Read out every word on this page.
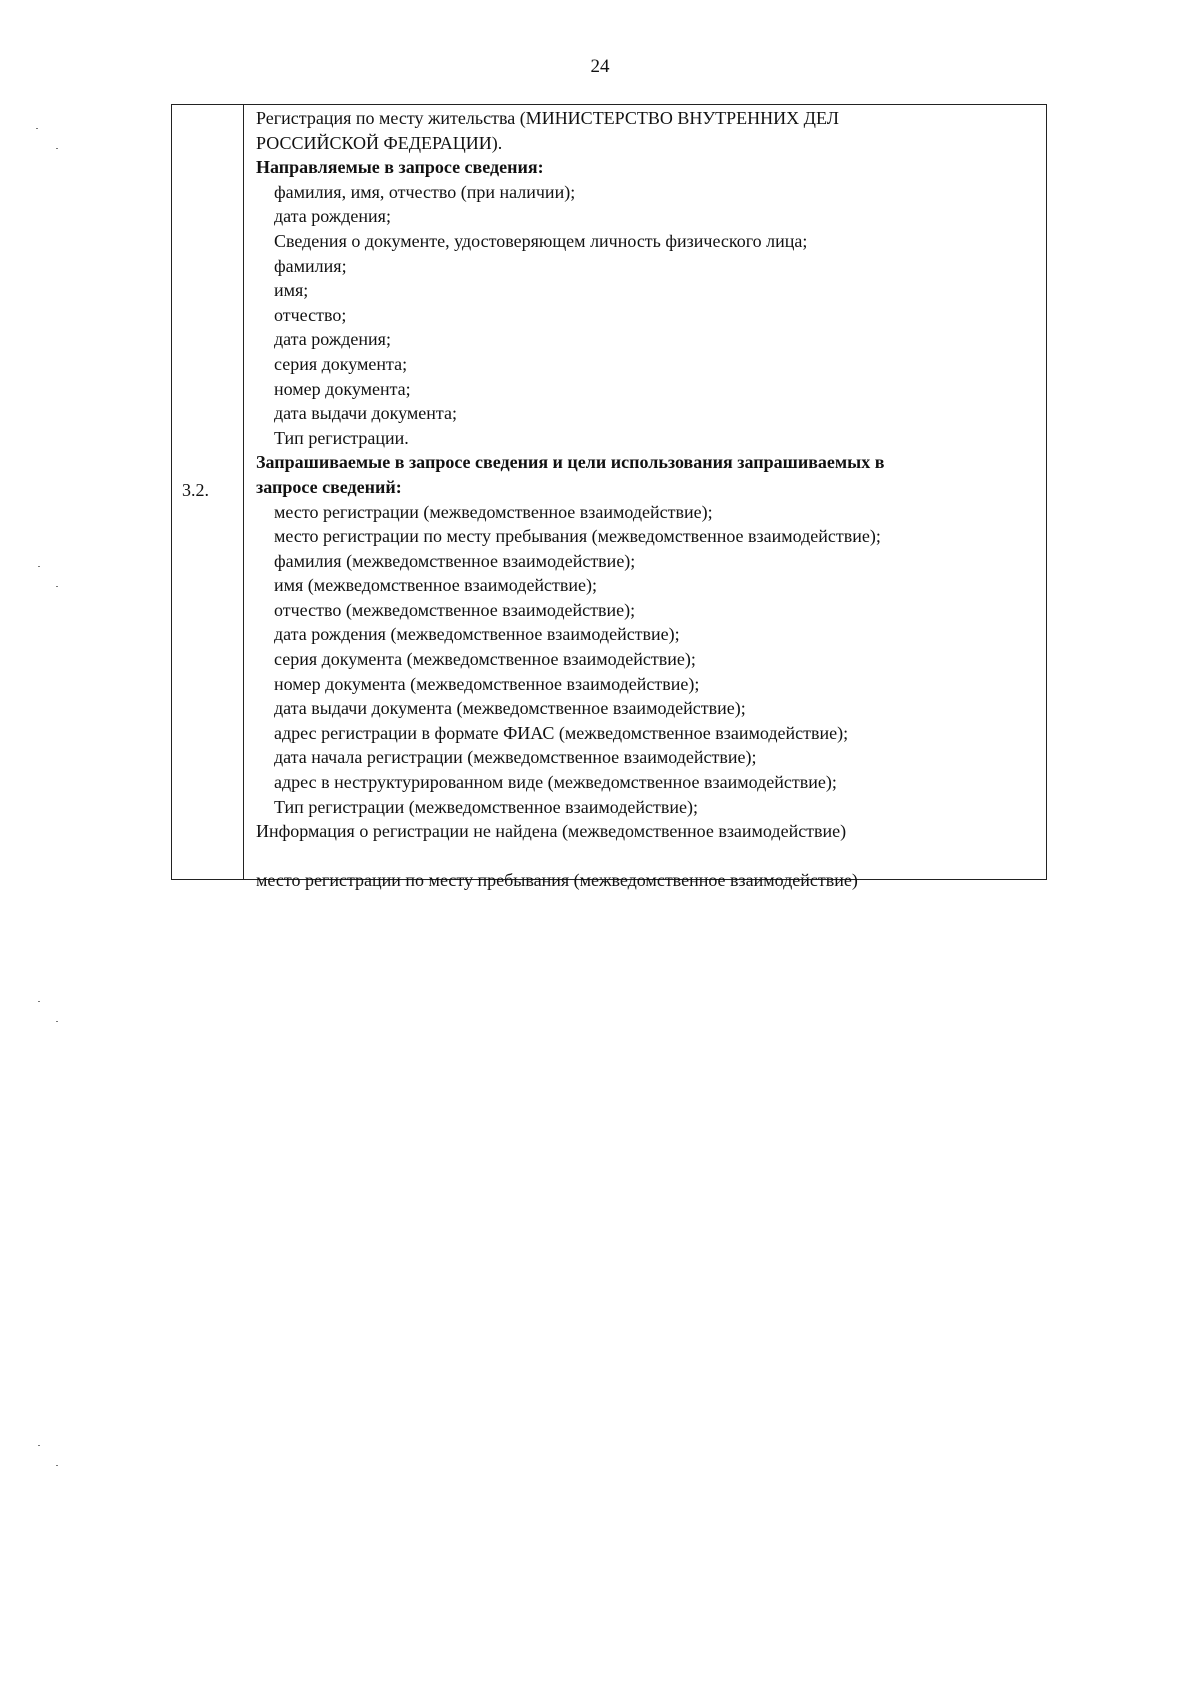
24
3.2.
Регистрация по месту жительства (МИНИСТЕРСТВО ВНУТРЕННИХ ДЕЛ
РОССИЙСКОЙ ФЕДЕРАЦИИ).
Направляемые в запросе сведения:
фамилия, имя, отчество (при наличии);
дата рождения;
Сведения о документе, удостоверяющем личность физического лица;
фамилия;
имя;
отчество;
дата рождения;
серия документа;
номер документа;
дата выдачи документа;
Тип регистрации.
Запрашиваемые в запросе сведения и цели использования запрашиваемых в
запросе сведений:
место регистрации (межведомственное взаимодействие);
место регистрации по месту пребывания (межведомственное взаимодействие);
фамилия (межведомственное взаимодействие);
имя (межведомственное взаимодействие);
отчество (межведомственное взаимодействие);
дата рождения (межведомственное взаимодействие);
серия документа (межведомственное взаимодействие);
номер документа (межведомственное взаимодействие);
дата выдачи документа (межведомственное взаимодействие);
адрес регистрации в формате ФИАС (межведомственное взаимодействие);
дата начала регистрации (межведомственное взаимодействие);
адрес в неструктурированном виде (межведомственное взаимодействие);
Тип регистрации (межведомственное взаимодействие);
Информация о регистрации не найдена (межведомственное взаимодействие)
место регистрации по месту пребывания (межведомственное взаимодействие)
